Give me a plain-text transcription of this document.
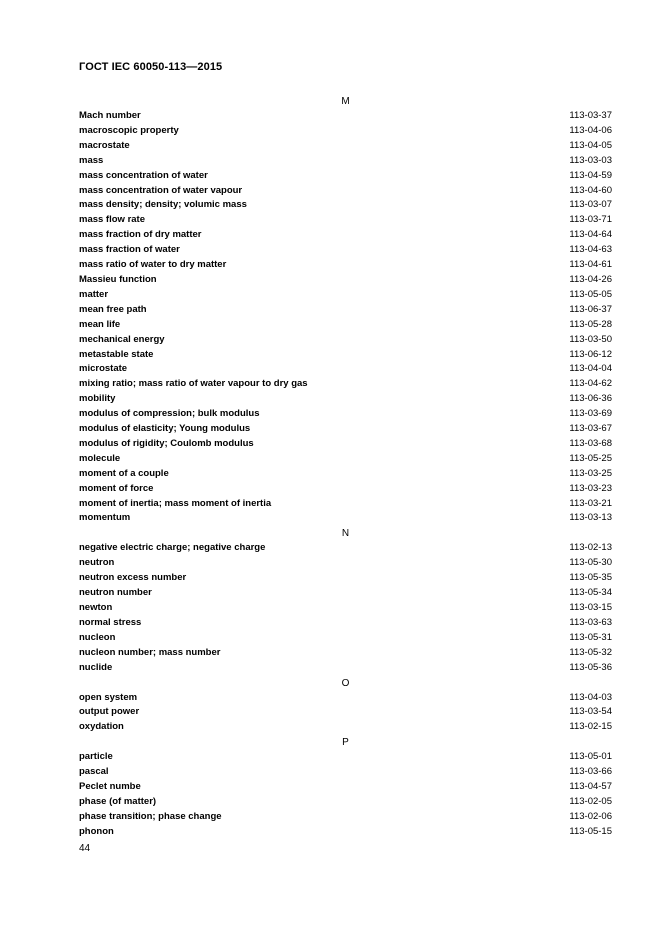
ГОСТ IEC 60050-113—2015
M
Mach number	113-03-37
macroscopic property	113-04-06
macrostate	113-04-05
mass	113-03-03
mass concentration of water	113-04-59
mass concentration of water vapour	113-04-60
mass density; density; volumic mass	113-03-07
mass flow rate	113-03-71
mass fraction of dry matter	113-04-64
mass fraction of water	113-04-63
mass ratio of water to dry matter	113-04-61
Massieu function	113-04-26
matter	113-05-05
mean free path	113-06-37
mean life	113-05-28
mechanical energy	113-03-50
metastable state	113-06-12
microstate	113-04-04
mixing ratio; mass ratio of water vapour to dry gas	113-04-62
mobility	113-06-36
modulus of compression; bulk modulus	113-03-69
modulus of elasticity; Young modulus	113-03-67
modulus of rigidity; Coulomb modulus	113-03-68
molecule	113-05-25
moment of a couple	113-03-25
moment of force	113-03-23
moment of inertia; mass moment of inertia	113-03-21
momentum	113-03-13
N
negative electric charge; negative charge	113-02-13
neutron	113-05-30
neutron excess number	113-05-35
neutron number	113-05-34
newton	113-03-15
normal stress	113-03-63
nucleon	113-05-31
nucleon number; mass number	113-05-32
nuclide	113-05-36
O
open system	113-04-03
output power	113-03-54
oxydation	113-02-15
P
particle	113-05-01
pascal	113-03-66
Peclet numbe	113-04-57
phase (of matter)	113-02-05
phase transition; phase change	113-02-06
phonon	113-05-15
44
